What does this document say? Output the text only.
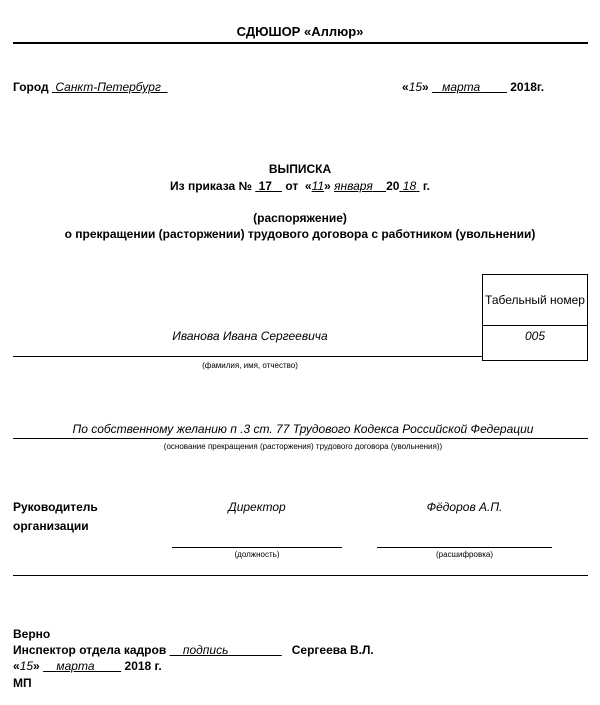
СДЮШОР «Аллюр»
Город Санкт-Петербург	«15» марта	2018г.
ВЫПИСКА
Из приказа № 17 от  «11» января 20 18 г.
(распоряжение)
о прекращении (расторжении) трудового договора с работником (увольнении)
Иванова Ивана Сергеевича
Табельный номер
005
(фамилия, имя, отчество)
По собственному желанию п .3 ст. 77 Трудового Кодекса Российской Федерации
(основание прекращения (расторжения) трудового договора (увольнения))
Руководитель
организации
Директор	Фёдоров А.П.
(должность)	(расшифровка)
Верно
Инспектор отдела кадров подпись	Сергеева В.Л.
«15»     марта	2018 г.
МП
